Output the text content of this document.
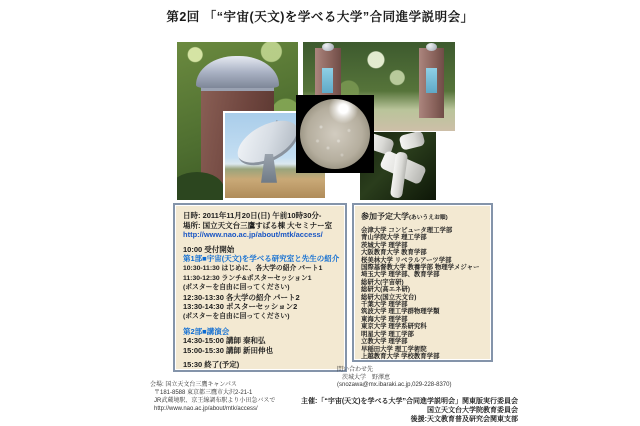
第2回 「“宇宙(天文)を学べる大学”合同進学説明会」
日時: 2011年11月20日(日) 午前10時30分-
場所: 国立天文台三鷹すばる棟 大セミナー室
http://www.nao.ac.jp/about/mtk/access/
10:00 受付開始
第1部■宇宙(天文)を学べる研究室と先生の紹介
10:30-11:30 はじめに、各大学の紹介 パート1
11:30-12:30 ランチ&ポスターセッション1
(ポスターを自由に回ってください)
12:30-13:30 各大学の紹介 パート2
13:30-14:30 ポスターセッション2
(ポスターを自由に回ってください)
第2部■講演会
14:30-15:00 講師 秦和弘
15:00-15:30 講師 新田伸也
15:30 終了(予定)
参加予定大学(あいうえお順)
会津大学 コンピュータ理工学部
青山学院大学 理工学部
茨城大学 理学部
大阪教育大学 教育学部
桜美林大学 リベラルアーツ学部
国際基督教大学 教養学部 物理学メジャー
埼玉大学 理学部、教育学部
総研大(宇宙研)
総研大(高エネ研)
総研大(国立天文台)
千葉大学 理学部
筑波大学 理工学群物理学類
東海大学 理学部
東京大学 理学系研究科
明星大学 理工学部
立教大学 理学部
早稲田大学 理工学術院
上越教育大学 学校教育学部
会場: 国立天文台三鷹キャンパス
〒181-8588 東京都三鷹市大沢2-21-1
JR武蔵境駅、京王線調布駅より小田急バスで
http://www.nao.ac.jp/about/mtk/access/
問い合わせ先
茨城大学　野澤恵
(snozawa@mx.ibaraki.ac.jp,029-228-8370)
主催:「“宇宙(天文)を学べる大学”合同進学説明会」関東版実行委員会
国立天文台大学院教育委員会
後援:天文教育普及研究会関東支部
